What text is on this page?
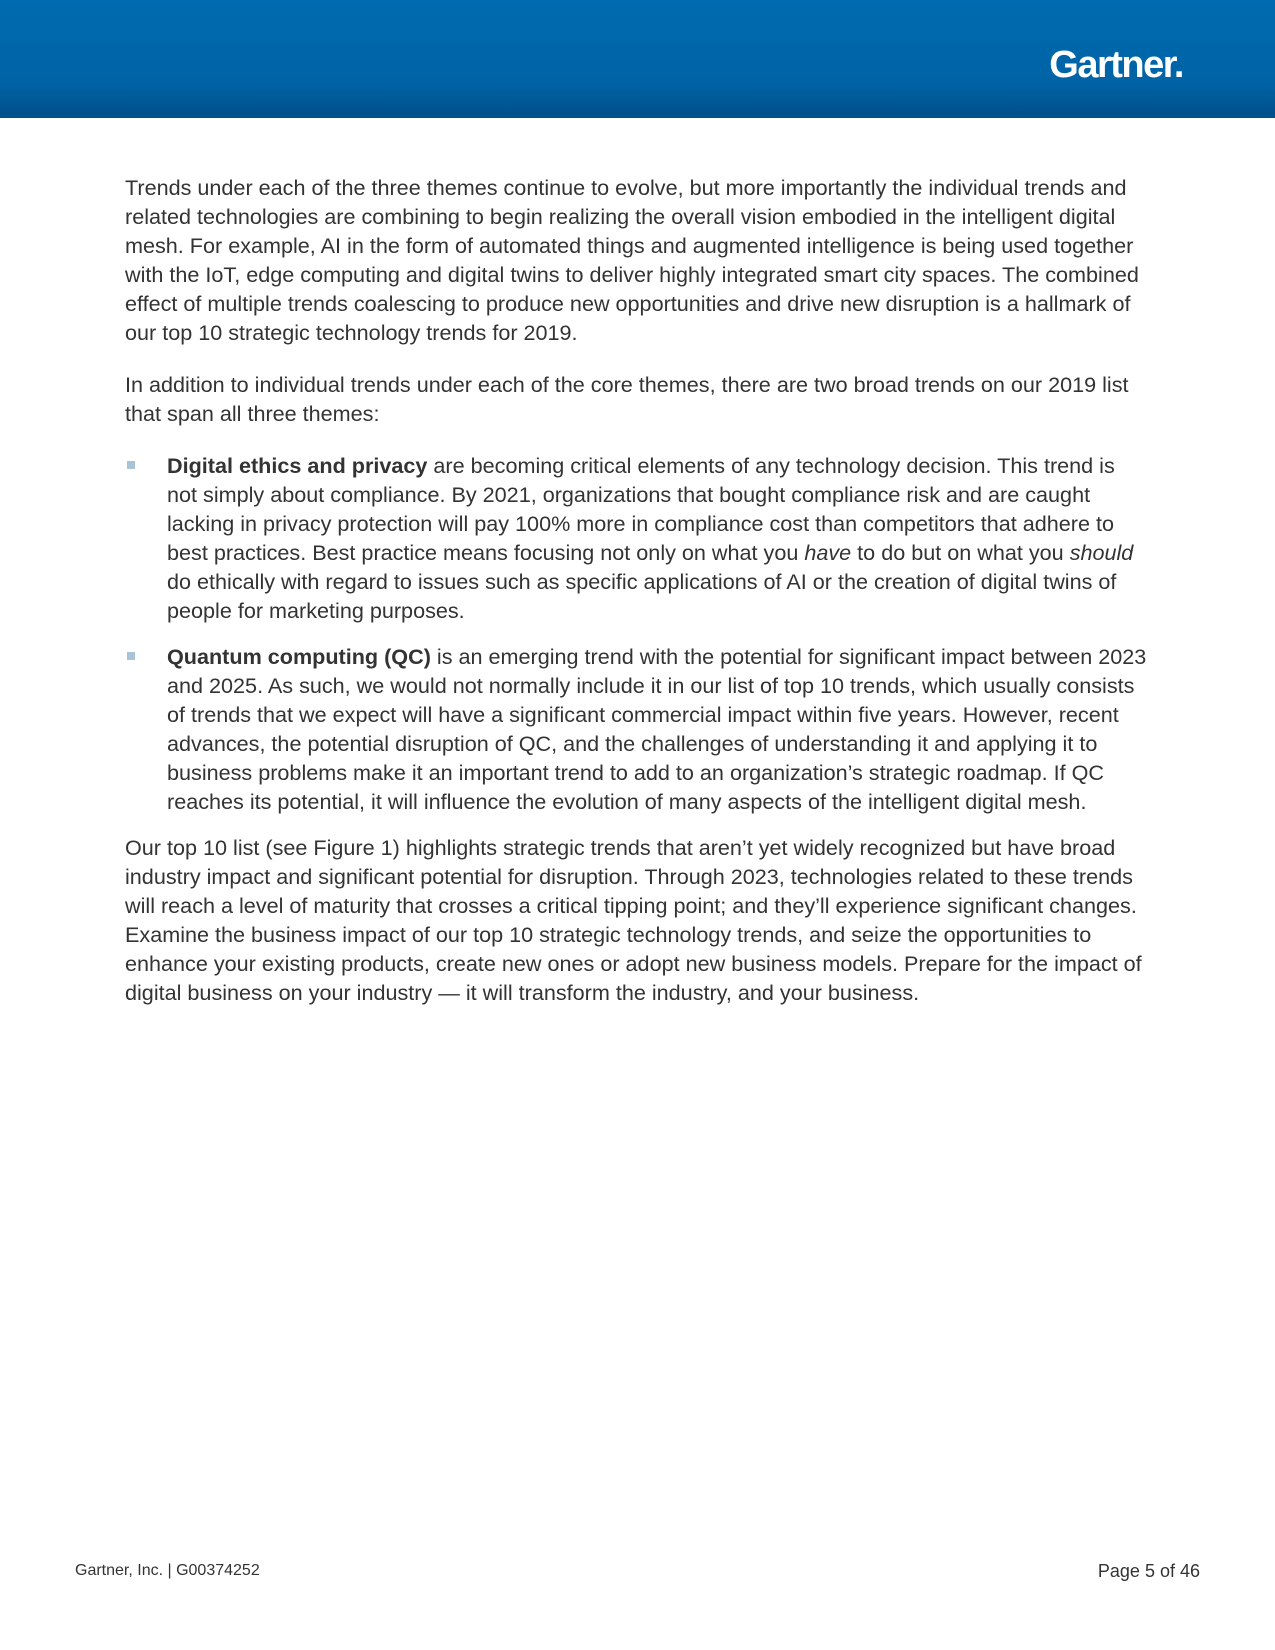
Gartner.

Trends under each of the three themes continue to evolve, but more importantly the individual trends and related technologies are combining to begin realizing the overall vision embodied in the intelligent digital mesh. For example, AI in the form of automated things and augmented intelligence is being used together with the IoT, edge computing and digital twins to deliver highly integrated smart city spaces. The combined effect of multiple trends coalescing to produce new opportunities and drive new disruption is a hallmark of our top 10 strategic technology trends for 2019.

In addition to individual trends under each of the core themes, there are two broad trends on our 2019 list that span all three themes:

Digital ethics and privacy are becoming critical elements of any technology decision. This trend is not simply about compliance. By 2021, organizations that bought compliance risk and are caught lacking in privacy protection will pay 100% more in compliance cost than competitors that adhere to best practices. Best practice means focusing not only on what you have to do but on what you should do ethically with regard to issues such as specific applications of AI or the creation of digital twins of people for marketing purposes.
Quantum computing (QC) is an emerging trend with the potential for significant impact between 2023 and 2025. As such, we would not normally include it in our list of top 10 trends, which usually consists of trends that we expect will have a significant commercial impact within five years. However, recent advances, the potential disruption of QC, and the challenges of understanding it and applying it to business problems make it an important trend to add to an organization’s strategic roadmap. If QC reaches its potential, it will influence the evolution of many aspects of the intelligent digital mesh.

Our top 10 list (see Figure 1) highlights strategic trends that aren’t yet widely recognized but have broad industry impact and significant potential for disruption. Through 2023, technologies related to these trends will reach a level of maturity that crosses a critical tipping point; and they’ll experience significant changes. Examine the business impact of our top 10 strategic technology trends, and seize the opportunities to enhance your existing products, create new ones or adopt new business models. Prepare for the impact of digital business on your industry — it will transform the industry, and your business.

Gartner, Inc. | G00374252	Page 5 of 46
